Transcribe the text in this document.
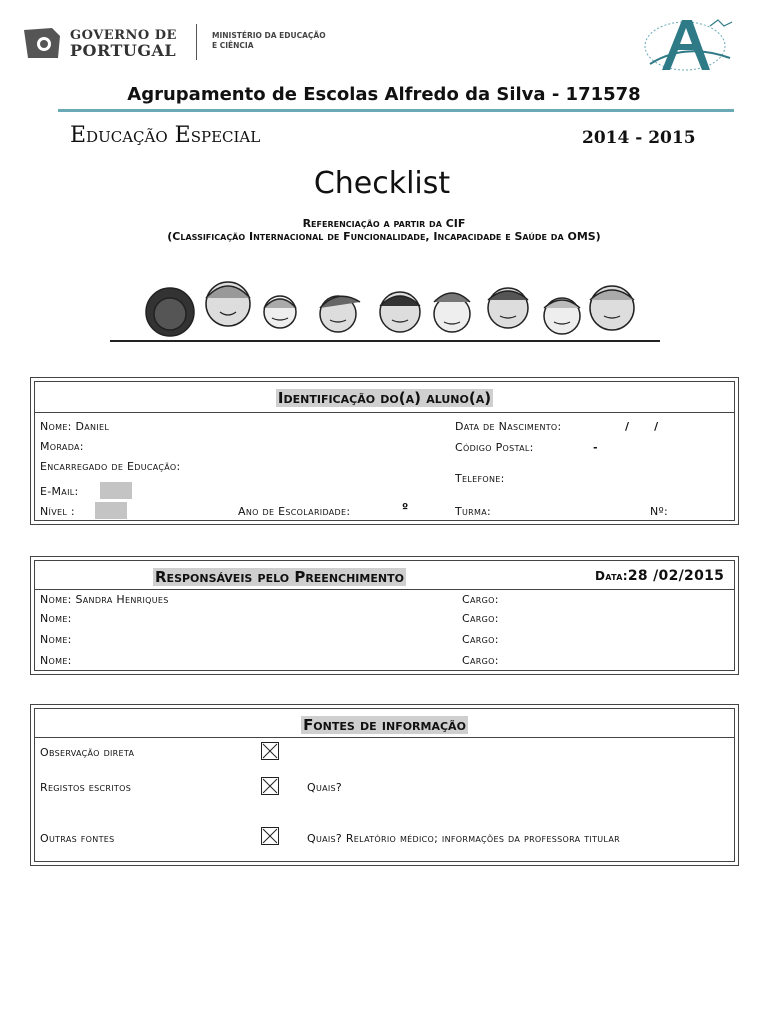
GOVERNO DE
PORTUGAL
MINISTÉRIO DA EDUCAÇÃO
E CIÊNCIA
Agrupamento de Escolas Alfredo da Silva - 171578
Educação Especial	2014 - 2015
Checklist
Referenciação a partir da CIF
(Classificação Internacional de Funcionalidade, Incapacidade e Saúde da OMS)
Identificação do(a) aluno(a)
Nome: Daniel
Morada:
Encarregado de Educação:
E-Mail:
Nível :	Ano de Escolaridade:	º
Data de Nascimento:	/      /
Código Postal:	-
Telefone:
Turma:	Nº:
Responsáveis pelo Preenchimento	Data:28 /02/2015
Nome: Sandra Henriques	Cargo:
Nome:	Cargo:
Nome:	Cargo:
Nome:	Cargo:
Fontes de informação
Observação direta
Registos escritos	Quais?
Outras fontes	Quais? Relatório médico; informações da professora titular
